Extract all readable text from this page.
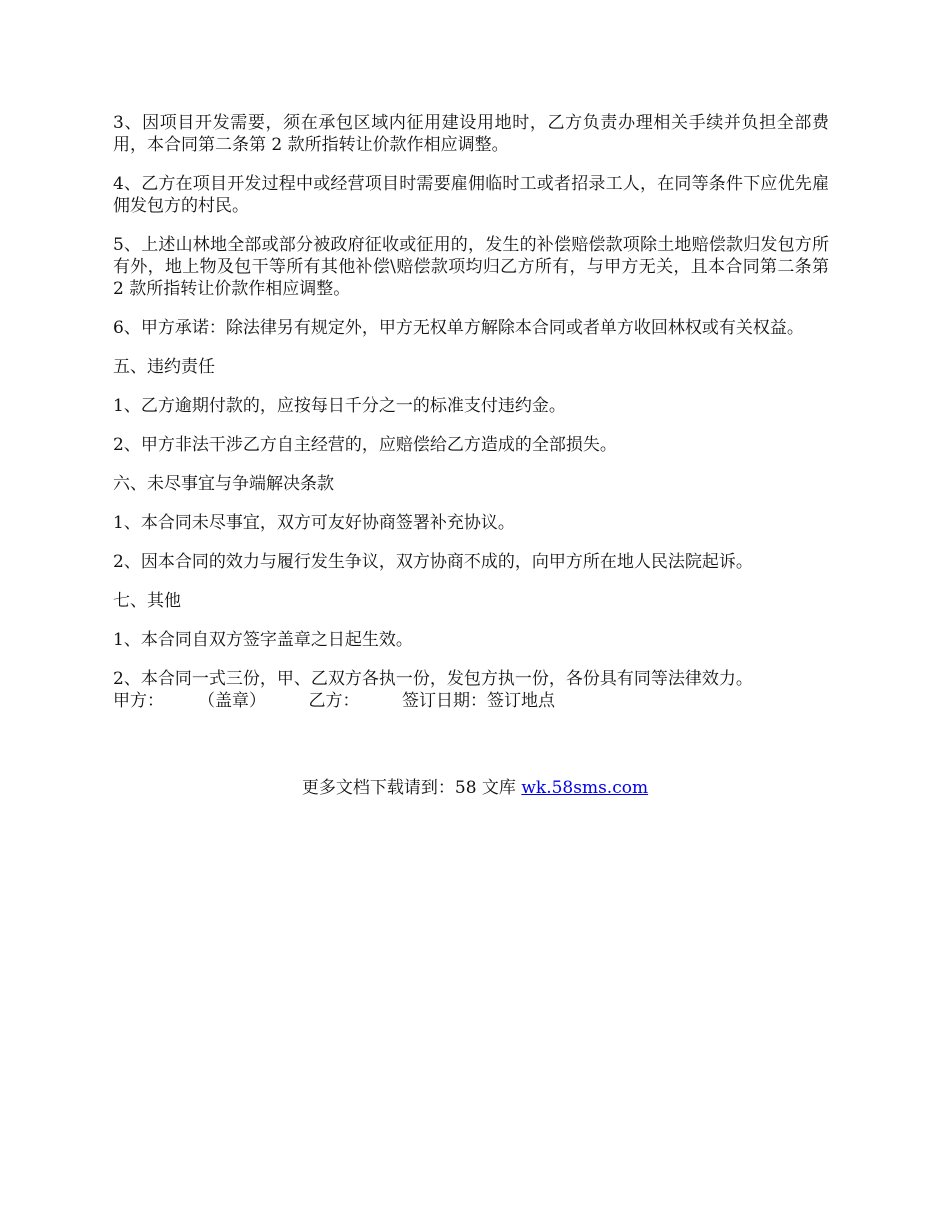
3、因项目开发需要，须在承包区域内征用建设用地时，乙方负责办理相关手续并负担全部费用，本合同第二条第 2 款所指转让价款作相应调整。

4、乙方在项目开发过程中或经营项目时需要雇佣临时工或者招录工人，在同等条件下应优先雇佣发包方的村民。

5、上述山林地全部或部分被政府征收或征用的，发生的补偿赔偿款项除土地赔偿款归发包方所有外，地上物及包干等所有其他补偿\赔偿款项均归乙方所有，与甲方无关，且本合同第二条第 2 款所指转让价款作相应调整。

6、甲方承诺：除法律另有规定外，甲方无权单方解除本合同或者单方收回林权或有关权益。

五、违约责任

1、乙方逾期付款的，应按每日千分之一的标准支付违约金。

2、甲方非法干涉乙方自主经营的，应赔偿给乙方造成的全部损失。

六、未尽事宜与争端解决条款

1、本合同未尽事宜，双方可友好协商签署补充协议。

2、因本合同的效力与履行发生争议，双方协商不成的，向甲方所在地人民法院起诉。

七、其他

1、本合同自双方签字盖章之日起生效。

2、本合同一式三份，甲、乙双方各执一份，发包方执一份，各份具有同等法律效力。

甲方：　　　（盖章）　　　乙方：　　　签订日期：签订地点

更多文档下载请到：58 文库 wk.58sms.com
